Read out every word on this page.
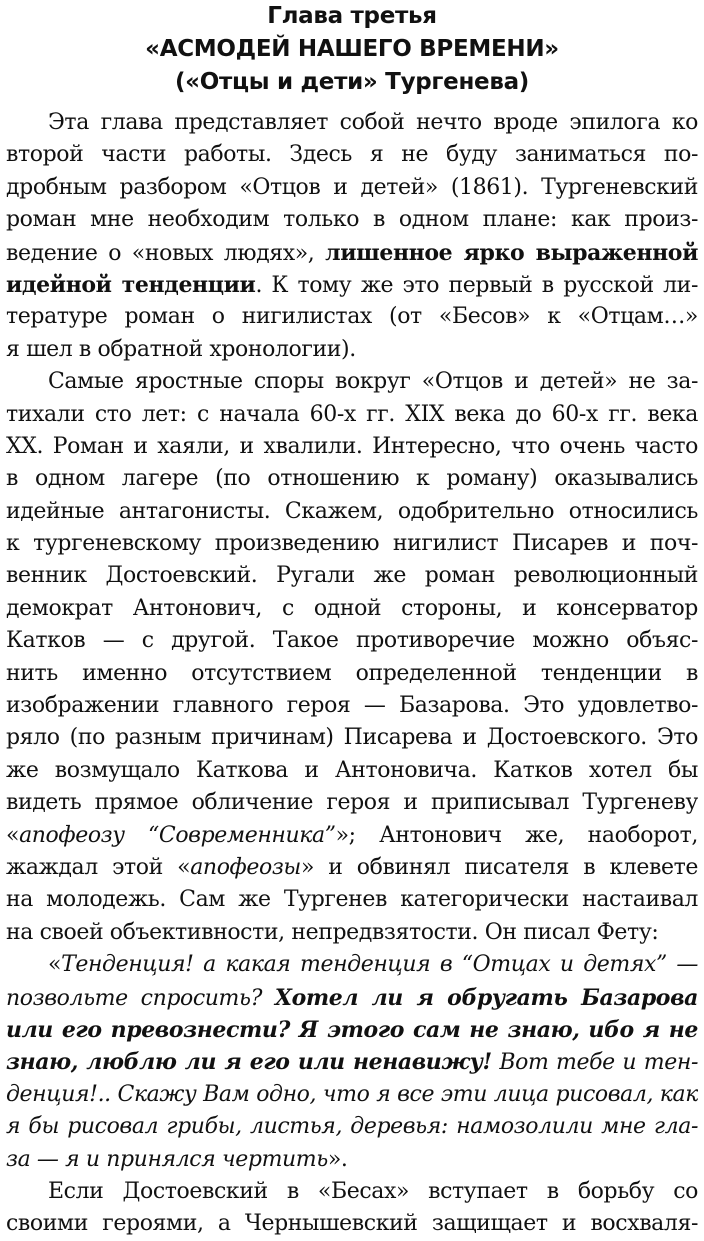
Глава третья
«АСМОДЕЙ НАШЕГО ВРЕМЕНИ»
(«Отцы и дети» Тургенева)
Эта глава представляет собой нечто вроде эпилога ко
второй части работы. Здесь я не буду заниматься по-
дробным разбором «Отцов и детей» (1861). Тургеневский
роман мне необходим только в одном плане: как произ-
ведение о «новых людях», лишенное ярко выраженной
идейной тенденции. К тому же это первый в русской ли-
тературе роман о нигилистах (от «Бесов» к «Отцам…»
я шел в обратной хронологии).
Самые яростные споры вокруг «Отцов и детей» не за-
тихали сто лет: с начала 60-х гг. XIX века до 60-х гг. века
XX. Роман и хаяли, и хвалили. Интересно, что очень часто
в одном лагере (по отношению к роману) оказывались
идейные антагонисты. Скажем, одобрительно относились
к тургеневскому произведению нигилист Писарев и поч-
венник Достоевский. Ругали же роман революционный
демократ Антонович, с одной стороны, и консерватор
Катков — с другой. Такое противоречие можно объяс-
нить именно отсутствием определенной тенденции в
изображении главного героя — Базарова. Это удовлетво-
ряло (по разным причинам) Писарева и Достоевского. Это
же возмущало Каткова и Антоновича. Катков хотел бы
видеть прямое обличение героя и приписывал Тургеневу
«апофеозу “Современника”»; Антонович же, наоборот,
жаждал этой «апофеозы» и обвинял писателя в клевете
на молодежь. Сам же Тургенев категорически настаивал
на своей объективности, непредвзятости. Он писал Фету:
«Тенденция! а какая тенденция в “Отцах и детях” —
позвольте спросить? Хотел ли я обругать Базарова
или его превознести? Я этого сам не знаю, ибо я не
знаю, люблю ли я его или ненавижу! Вот тебе и тен-
денция!.. Скажу Вам одно, что я все эти лица рисовал, как
я бы рисовал грибы, листья, деревья: намозолили мне гла-
за — я и принялся чертить».
Если Достоевский в «Бесах» вступает в борьбу со
своими героями, а Чернышевский защищает и восхваля-
